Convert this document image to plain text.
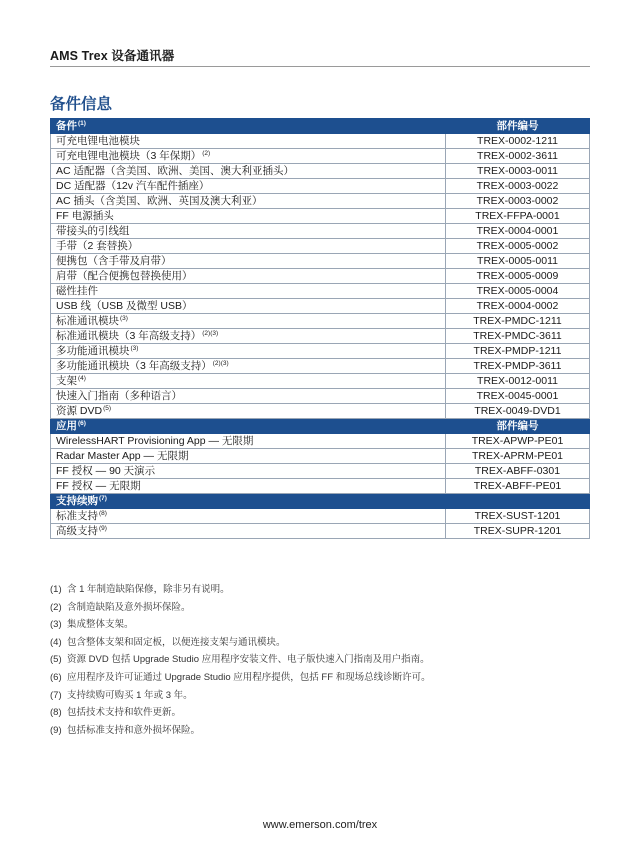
AMS Trex 设备通讯器
备件信息
备件$^{(1)}$	部件编号
可充电锂电池模块	TREX-0002-1211
可充电锂电池模块（3 年保期）$^{(2)}$	TREX-0002-3611
AC 适配器（含美国、欧洲、美国、澳大利亚插头）	TREX-0003-0011
DC 适配器（12v 汽车配件插座）	TREX-0003-0022
AC 插头（含美国、欧洲、英国及澳大利亚）	TREX-0003-0002
FF 电源插头	TREX-FFPA-0001
带接头的引线组	TREX-0004-0001
手带（2 套替换）	TREX-0005-0002
便携包（含手带及肩带）	TREX-0005-0011
肩带（配合便携包替换使用）	TREX-0005-0009
磁性挂件	TREX-0005-0004
USB 线（USB 及微型 USB）	TREX-0004-0002
标准通讯模块$^{(3)}$	TREX-PMDC-1211
标准通讯模块（3 年高级支持）$^{(2)(3)}$	TREX-PMDC-3611
多功能通讯模块$^{(3)}$	TREX-PMDP-1211
多功能通讯模块（3 年高级支持）$^{(2)(3)}$	TREX-PMDP-3611
支架$^{(4)}$	TREX-0012-0011
快速入门指南（多种语言）	TREX-0045-0001
资源 DVD$^{(5)}$	TREX-0049-DVD1
应用$^{(6)}$	部件编号
WirelessHART Provisioning App — 无限期	TREX-APWP-PE01
Radar Master App — 无限期	TREX-APRM-PE01
FF 授权 — 90 天演示	TREX-ABFF-0301
FF 授权 — 无限期	TREX-ABFF-PE01
支持续购$^{(7)}$	
标准支持$^{(8)}$	TREX-SUST-1201
高级支持$^{(9)}$	TREX-SUPR-1201
(1) 含 1 年制造缺陷保修，除非另有说明。
(2) 含制造缺陷及意外损坏保险。
(3) 集成整体支架。
(4) 包含整体支架和固定板，以便连接支架与通讯模块。
(5) 资源 DVD 包括 Upgrade Studio 应用程序安装文件、电子版快速入门指南及用户指南。
(6) 应用程序及许可证通过 Upgrade Studio 应用程序提供，包括 FF 和现场总线诊断许可。
(7) 支持续购可购买 1 年或 3 年。
(8) 包括技术支持和软件更新。
(9) 包括标准支持和意外损坏保险。
www.emerson.com/trex
